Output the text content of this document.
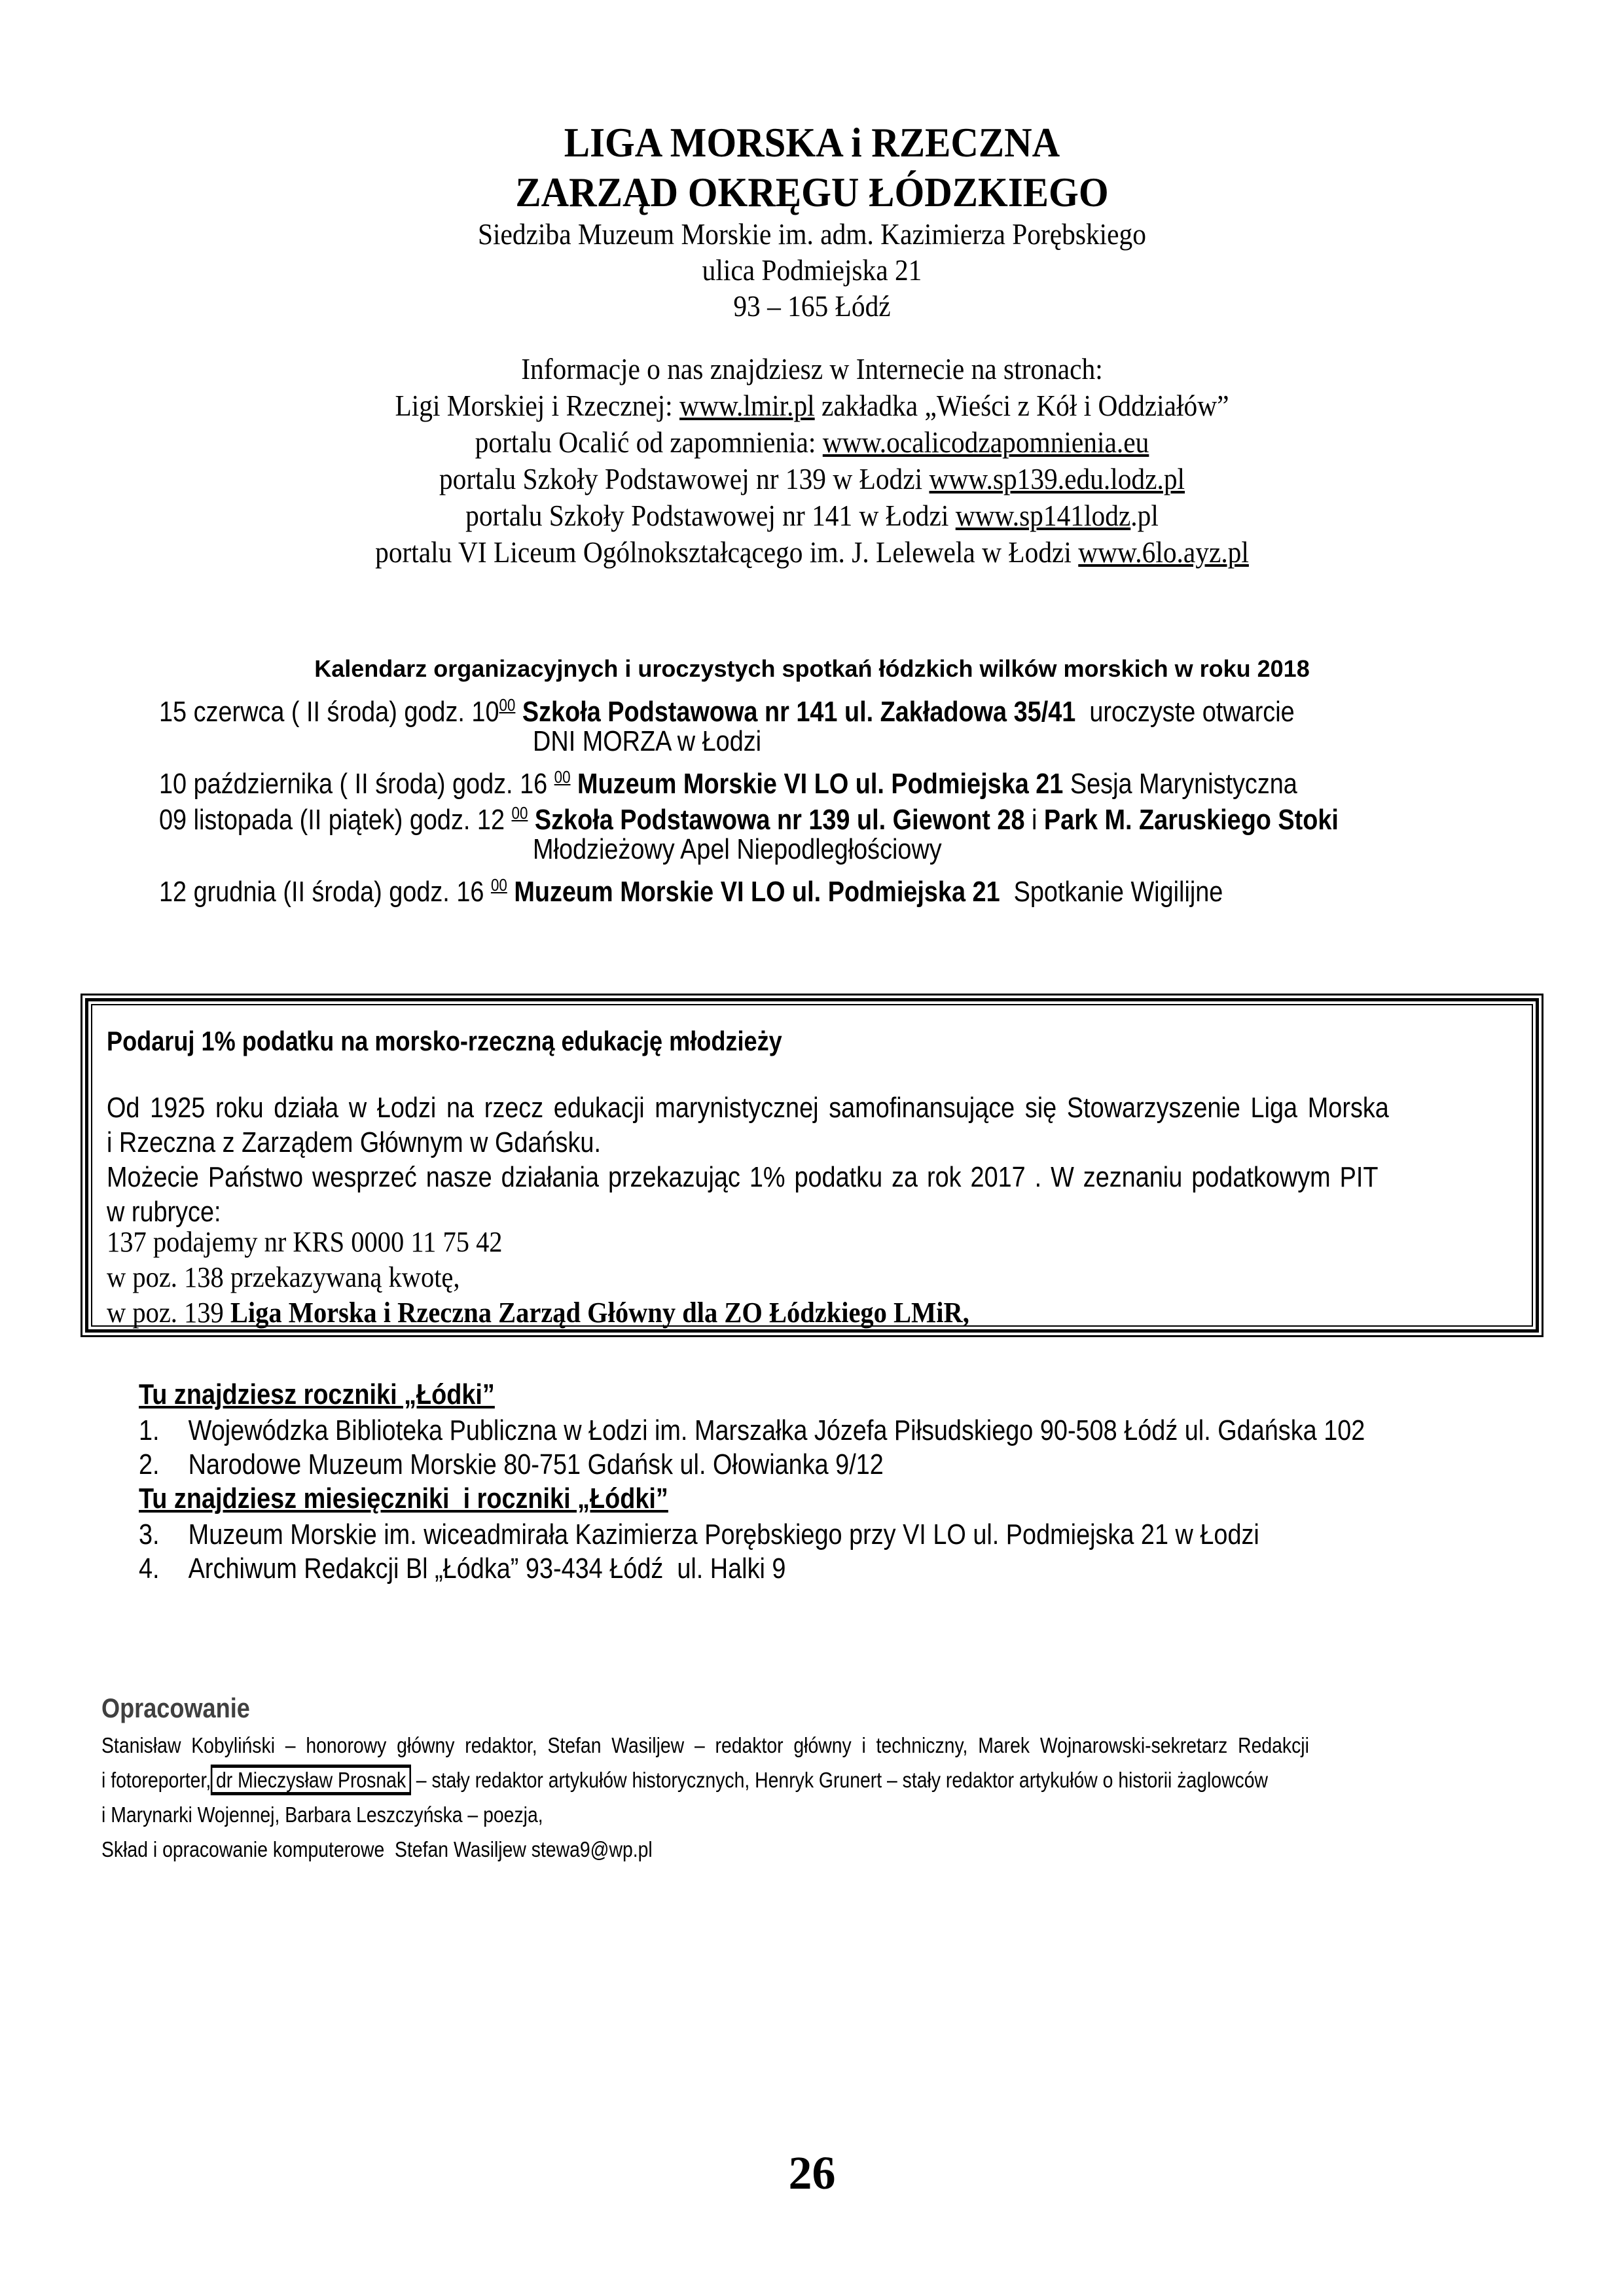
LIGA MORSKA i RZECZNA
ZARZĄD OKRĘGU ŁÓDZKIEGO
Siedziba Muzeum Morskie im. adm. Kazimierza Porębskiego
ulica Podmiejska 21
93 – 165 Łódź
Informacje o nas znajdziesz w Internecie na stronach:
Ligi Morskiej i Rzecznej: www.lmir.pl zakładka „Wieści z Kół i Oddziałów”
portalu Ocalić od zapomnienia: www.ocalicodzapomnienia.eu
portalu Szkoły Podstawowej nr 139 w Łodzi www.sp139.edu.lodz.pl
portalu Szkoły Podstawowej nr 141 w Łodzi www.sp141lodz.pl
portalu VI Liceum Ogólnokształcącego im. J. Lelewela w Łodzi www.6lo.ayz.pl
Kalendarz organizacyjnych i uroczystych spotkań łódzkich wilków morskich w roku 2018
15 czerwca ( II środa) godz. $10^{00}$ Szkoła Podstawowa nr 141 ul. Zakładowa 35/41  uroczyste otwarcie
DNI MORZA w Łodzi
10 października ( II środa) godz. 16 $^{00}$ Muzeum Morskie VI LO ul. Podmiejska 21 Sesja Marynistyczna
09 listopada (II piątek) godz. 12 $^{00}$ Szkoła Podstawowa nr 139 ul. Giewont 28 i Park M. Zaruskiego Stoki
Młodzieżowy Apel Niepodległościowy
12 grudnia (II środa) godz. 16 $^{00}$ Muzeum Morskie VI LO ul. Podmiejska 21  Spotkanie Wigilijne
Podaruj 1% podatku na morsko-rzeczną edukację młodzieży
Od 1925 roku działa w Łodzi na rzecz edukacji marynistycznej samofinansujące się Stowarzyszenie Liga Morska
i Rzeczna z Zarządem Głównym w Gdańsku.
Możecie Państwo wesprzeć nasze działania przekazując 1% podatku za rok 2017 . W zeznaniu podatkowym PIT
w rubryce:
137 podajemy nr KRS 0000 11 75 42
w poz. 138 przekazywaną kwotę,
w poz. 139 Liga Morska i Rzeczna Zarząd Główny dla ZO Łódzkiego LMiR,
Tu znajdziesz roczniki „Łódki”
1. Wojewódzka Biblioteka Publiczna w Łodzi im. Marszałka Józefa Piłsudskiego 90-508 Łódź ul. Gdańska 102
2. Narodowe Muzeum Morskie 80-751 Gdańsk ul. Ołowianka 9/12
Tu znajdziesz miesięczniki  i roczniki „Łódki”
3. Muzeum Morskie im. wiceadmirała Kazimierza Porębskiego przy VI LO ul. Podmiejska 21 w Łodzi
4. Archiwum Redakcji Bl „Łódka” 93-434 Łódź  ul. Halki 9
Opracowanie
Stanisław  Kobyliński  –  honorowy  główny  redaktor,  Stefan  Wasiljew  –  redaktor  główny  i  techniczny,  Marek  Wojnarowski-sekretarz  Redakcji
i fotoreporter, dr Mieczysław Prosnak – stały redaktor artykułów historycznych, Henryk Grunert – stały redaktor artykułów o historii żaglowców
i Marynarki Wojennej, Barbara Leszczyńska – poezja,
Skład i opracowanie komputerowe  Stefan Wasiljew stewa9@wp.pl
26
